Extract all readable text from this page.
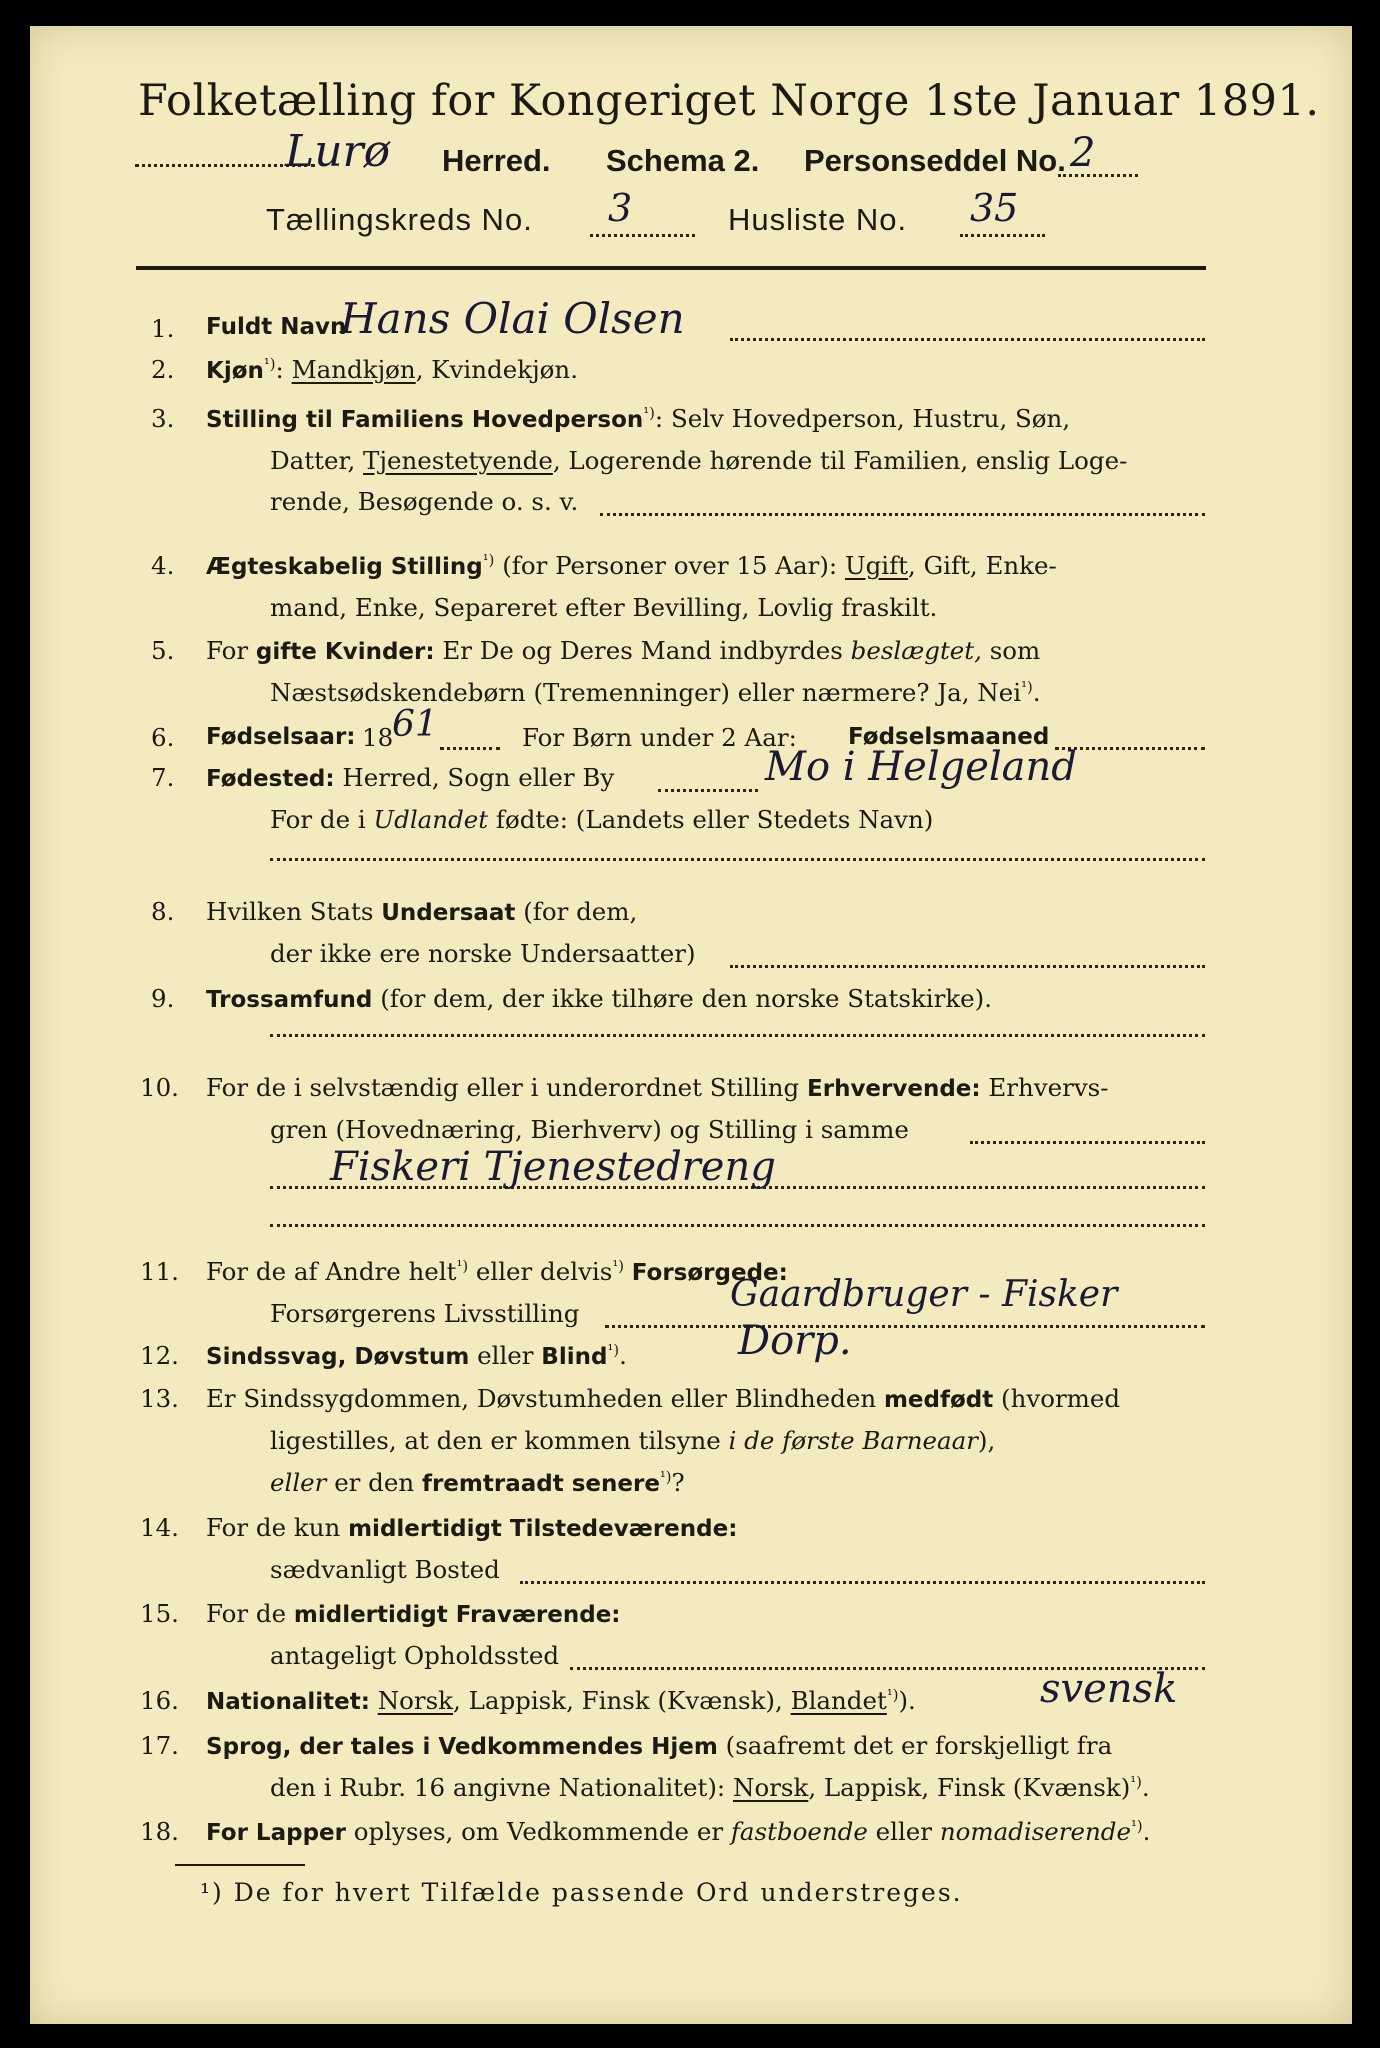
Folketælling for Kongeriget Norge 1ste Januar 1891.
Lurø Herred. Schema 2. Personseddel No. 2
Tællingskreds No. 3	Husliste No. 35
1. Fuldt Navn
Hans Olai Olsen
2. Kjøn$^{^1)}$: Mandkjøn, Kvindekjøn.
3. Stilling til Familiens Hovedperson$^{^1)}$: Selv Hovedperson, Hustru, Søn,
Datter, Tjenestetyende, Logerende hørende til Familien, enslig Loge-
rende, Besøgende o. s. v.
4. Ægteskabelig Stilling$^{^1)}$ (for Personer over 15 Aar): Ugift, Gift, Enke-
mand, Enke, Separeret efter Bevilling, Lovlig fraskilt.
5. For gifte Kvinder: Er De og Deres Mand indbyrdes beslægtet, som
Næstsødskendebørn (Tremenninger) eller nærmere? Ja, Nei$^{^1)}$.
6. Fødselsaar: 18
61	For Børn under 2 Aar: Fødselsmaaned
7. Fødested: Herred, Sogn eller By	Mo i Helgeland
For de i Udlandet fødte: (Landets eller Stedets Navn)
8. Hvilken Stats Undersaat (for dem,
der ikke ere norske Undersaatter)
9. Trossamfund (for dem, der ikke tilhøre den norske Statskirke).
10. For de i selvstændig eller i underordnet Stilling Erhvervende: Erhvervs-
gren (Hovednæring, Bierhverv) og Stilling i samme
Fiskeri Tjenestedreng
11. For de af Andre helt$^{^1)}$ eller delvis$^{^1)}$ Forsørgede:
Forsørgerens Livsstilling	Gaardbruger - Fisker
12. Sindssvag, Døvstum eller Blind$^{^1)}$.	Dorp.
13. Er Sindssygdommen, Døvstumheden eller Blindheden medfødt (hvormed
ligestilles, at den er kommen tilsyne i de første Barneaar),
eller er den fremtraadt senere$^{^1)}$?
14. For de kun midlertidigt Tilstedeværende:
sædvanligt Bosted
15. For de midlertidigt Fraværende:
antageligt Opholdssted
16. Nationalitet: Norsk, Lappisk, Finsk (Kvænsk), Blandet$^{^1)}$).	svensk
17. Sprog, der tales i Vedkommendes Hjem (saafremt det er forskjelligt fra
den i Rubr. 16 angivne Nationalitet): Norsk, Lappisk, Finsk (Kvænsk)$^{^1)}$.
18. For Lapper oplyses, om Vedkommende er fastboende eller nomadiserende$^{^1)}$.
¹) De for hvert Tilfælde passende Ord understreges.
